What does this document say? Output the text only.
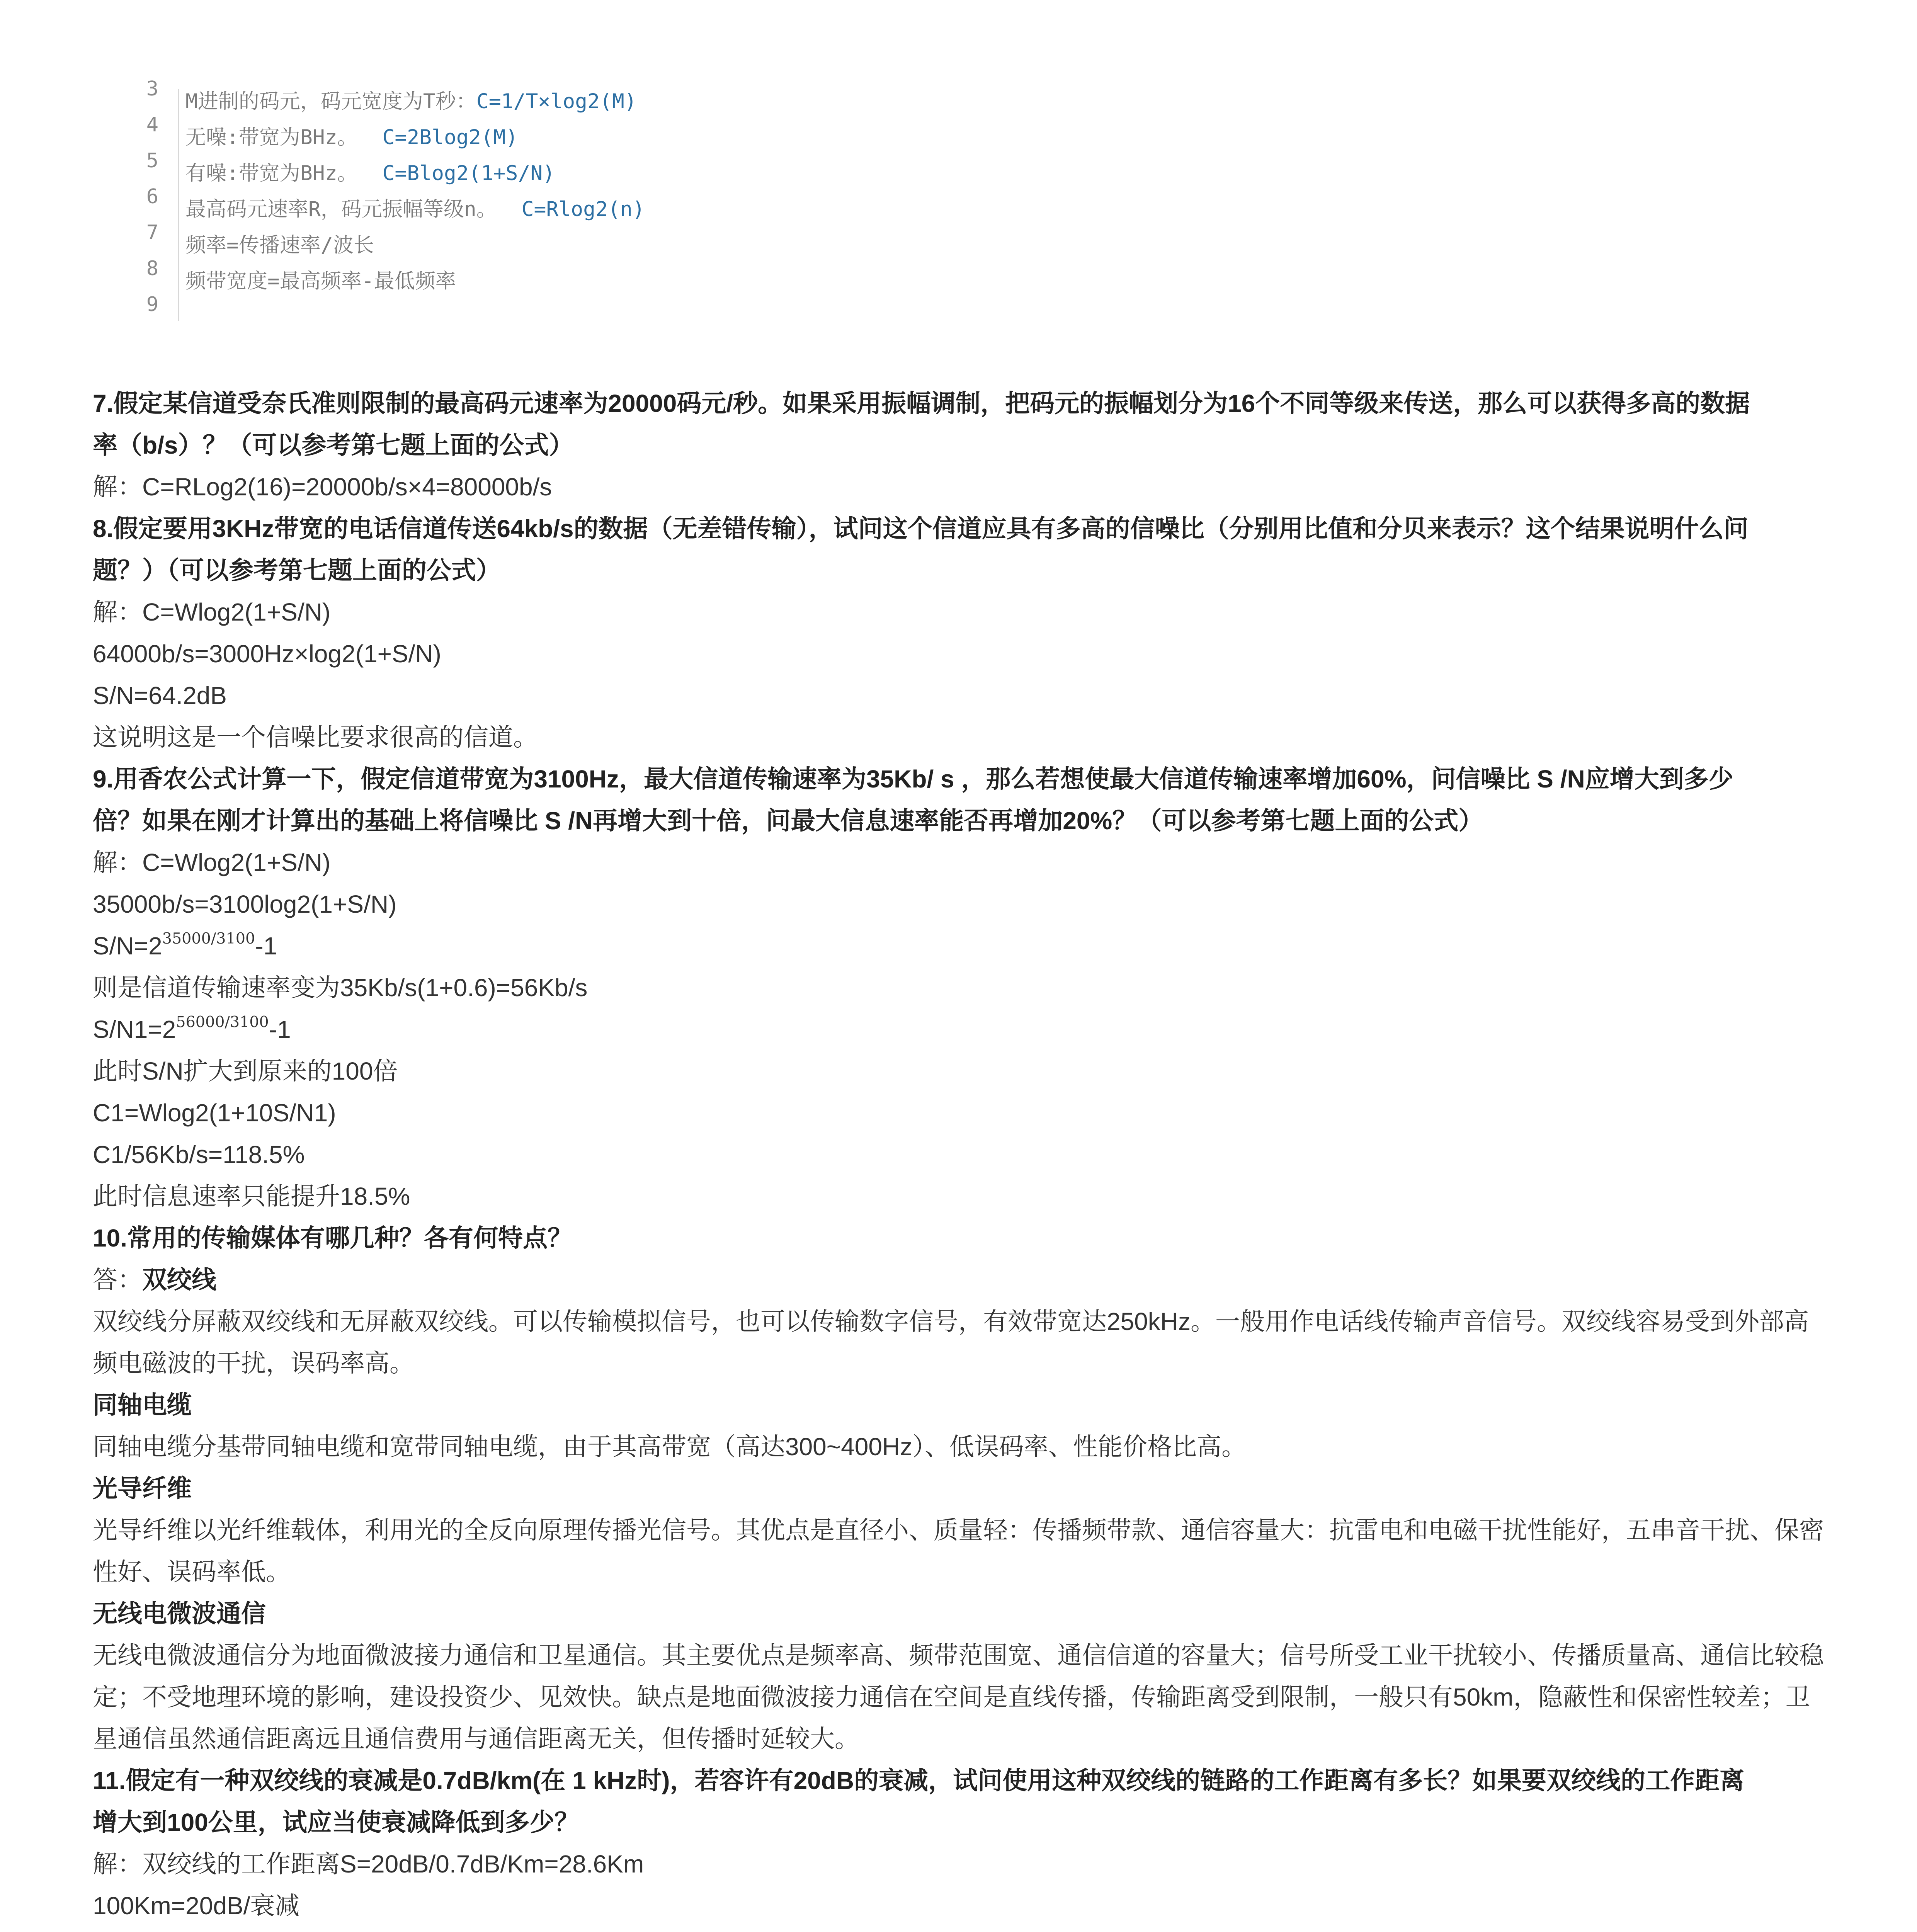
3
M进制的码元，码元宽度为T秒：C=1/T×log2(M)
4
无噪:带宽为BHz。  C=2Blog2(M)
5
有噪:带宽为BHz。  C=Blog2(1+S/N)
6
最高码元速率R，码元振幅等级n。  C=Rlog2(n)
7
频率=传播速率/波长
8
频带宽度=最高频率-最低频率
9
7.假定某信道受奈氏准则限制的最高码元速率为20000码元/秒。如果采用振幅调制，把码元的振幅划分为16个不同等级来传送，那么可以获得多高的数据
率（b/s）？（可以参考第七题上面的公式）
解：C=RLog2(16)=20000b/s×4=80000b/s
8.假定要用3KHz带宽的电话信道传送64kb/s的数据（无差错传输），试问这个信道应具有多高的信噪比（分别用比值和分贝来表示？这个结果说明什么问
题？）（可以参考第七题上面的公式）
解：C=Wlog2(1+S/N)
64000b/s=3000Hz×log2(1+S/N)
S/N=64.2dB
这说明这是一个信噪比要求很高的信道。
9.用香农公式计算一下，假定信道带宽为3100Hz，最大信道传输速率为35Kb/ s ，那么若想使最大信道传输速率增加60%，问信噪比 S /N应增大到多少
倍？如果在刚才计算出的基础上将信噪比 S /N再增大到十倍，问最大信息速率能否再增加20%？（可以参考第七题上面的公式）
解：C=Wlog2(1+S/N)
35000b/s=3100log2(1+S/N)
$S/N=2^{35000/3100}-1$
则是信道传输速率变为35Kb/s(1+0.6)=56Kb/s
$S/N1=2^{56000/3100}-1$
此时S/N扩大到原来的100倍
C1=Wlog2(1+10S/N1)
C1/56Kb/s=118.5%
此时信息速率只能提升18.5%
10.常用的传输媒体有哪几种？各有何特点？
答：双绞线
双绞线分屏蔽双绞线和无屏蔽双绞线。可以传输模拟信号，也可以传输数字信号，有效带宽达250kHz。一般用作电话线传输声音信号。双绞线容易受到外部高频电磁波的干扰，误码率高。
同轴电缆
同轴电缆分基带同轴电缆和宽带同轴电缆，由于其高带宽（高达300~400Hz）、低误码率、性能价格比高。
光导纤维
光导纤维以光纤维载体，利用光的全反向原理传播光信号。其优点是直径小、质量轻：传播频带款、通信容量大：抗雷电和电磁干扰性能好，五串音干扰、保密性好、误码率低。
无线电微波通信
无线电微波通信分为地面微波接力通信和卫星通信。其主要优点是频率高、频带范围宽、通信信道的容量大；信号所受工业干扰较小、传播质量高、通信比较稳定；不受地理环境的影响，建设投资少、见效快。缺点是地面微波接力通信在空间是直线传播，传输距离受到限制，一般只有50km，隐蔽性和保密性较差；卫星通信虽然通信距离远且通信费用与通信距离无关，但传播时延较大。
11.假定有一种双绞线的衰减是0.7dB/km(在 1 kHz时)，若容许有20dB的衰减，试问使用这种双绞线的链路的工作距离有多长？如果要双绞线的工作距离
增大到100公里，试应当使衰减降低到多少？
解：双绞线的工作距离S=20dB/0.7dB/Km=28.6Km
100Km=20dB/衰减
